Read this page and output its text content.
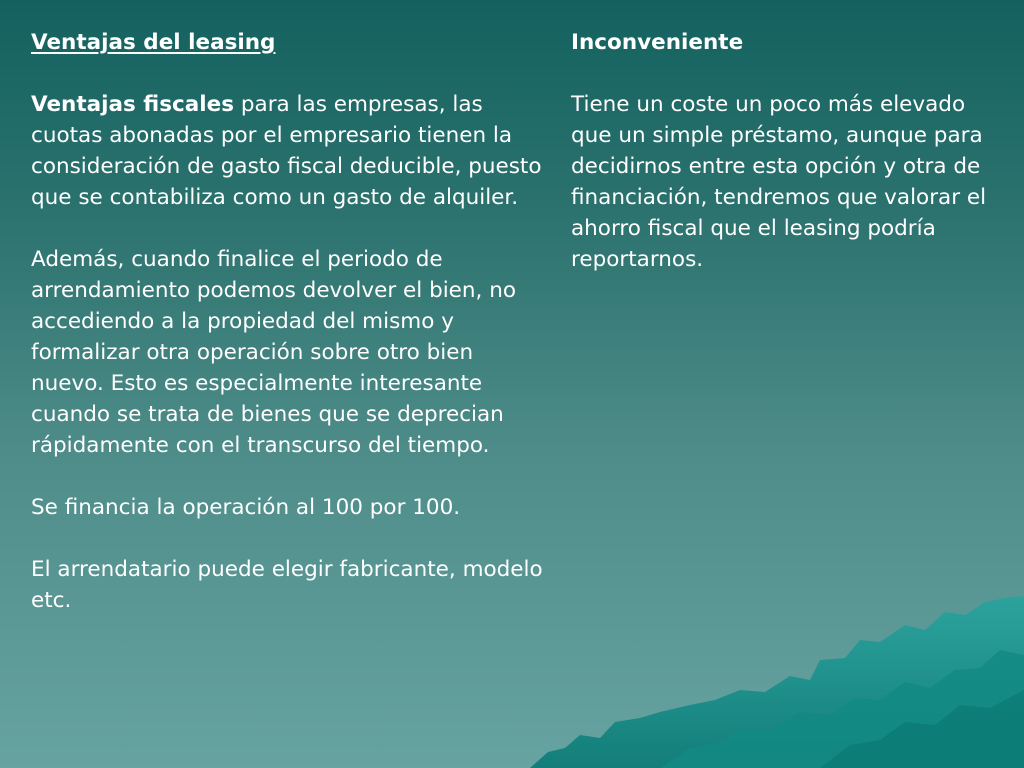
Ventajas del leasing

Ventajas fiscales para las empresas, las cuotas abonadas por el empresario tienen la consideración de gasto fiscal deducible, puesto que se contabiliza como un gasto de alquiler.

Además, cuando finalice el periodo de arrendamiento podemos devolver el bien, no accediendo a la propiedad del mismo y formalizar otra operación sobre otro bien nuevo. Esto es especialmente interesante cuando se trata de bienes que se deprecian rápidamente con el transcurso del tiempo.

Se financia la operación al 100 por 100.

El arrendatario puede elegir fabricante, modelo etc.

Inconveniente

Tiene un coste un poco más elevado que un simple préstamo, aunque para decidirnos entre esta opción y otra de financiación, tendremos que valorar el ahorro fiscal que el leasing podría reportarnos.
